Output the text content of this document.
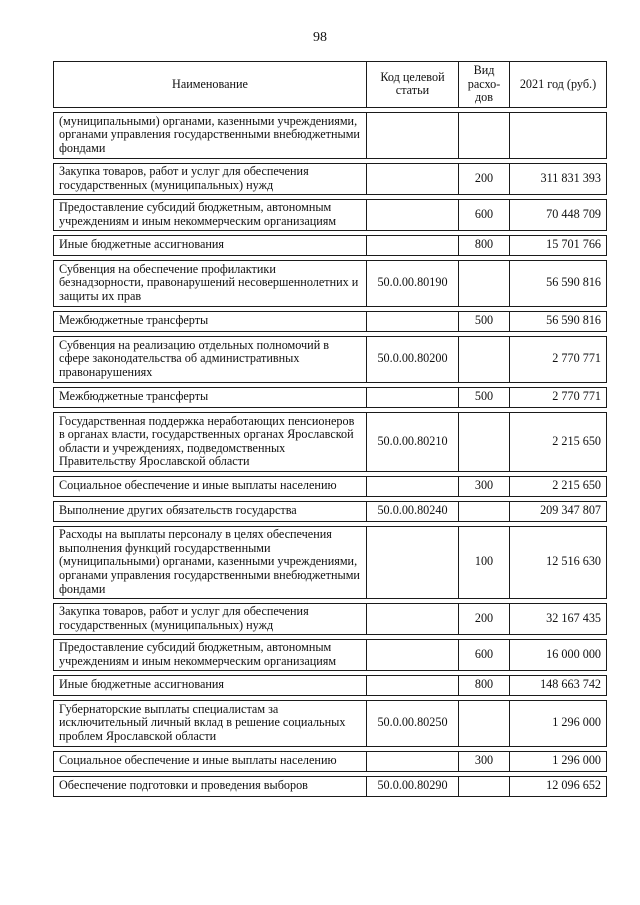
98
Наименование	Код целевой статьи	Вид расхо-дов	2021 год (руб.)

(муниципальными) органами, казенными учреждениями, органами управления государственными внебюджетными фондами			

Закупка товаров, работ и услуг для обеспечения государственных (муниципальных) нужд		200	311 831 393

Предоставление субсидий бюджетным, автономным учреждениям и иным некоммерческим организациям		600	70 448 709

Иные бюджетные ассигнования		800	15 701 766

Субвенция на обеспечение профилактики безнадзорности, правонарушений несовершеннолетних и защиты их прав	50.0.00.80190		56 590 816

Межбюджетные трансферты		500	56 590 816

Субвенция на реализацию отдельных полномочий в сфере законодательства об административных правонарушениях	50.0.00.80200		2 770 771

Межбюджетные трансферты		500	2 770 771

Государственная поддержка неработающих пенсионеров в органах власти, государственных органах Ярославской области и учреждениях, подведомственных Правительству Ярославской области	50.0.00.80210		2 215 650

Социальное обеспечение и иные выплаты населению		300	2 215 650

Выполнение других обязательств государства	50.0.00.80240		209 347 807

Расходы на выплаты персоналу в целях обеспечения выполнения функций государственными (муниципальными) органами, казенными учреждениями, органами управления государственными внебюджетными фондами		100	12 516 630

Закупка товаров, работ и услуг для обеспечения государственных (муниципальных) нужд		200	32 167 435

Предоставление субсидий бюджетным, автономным учреждениям и иным некоммерческим организациям		600	16 000 000

Иные бюджетные ассигнования		800	148 663 742

Губернаторские выплаты специалистам за исключительный личный вклад в решение социальных проблем Ярославской области	50.0.00.80250		1 296 000

Социальное обеспечение и иные выплаты населению		300	1 296 000

Обеспечение подготовки и проведения выборов	50.0.00.80290		12 096 652
